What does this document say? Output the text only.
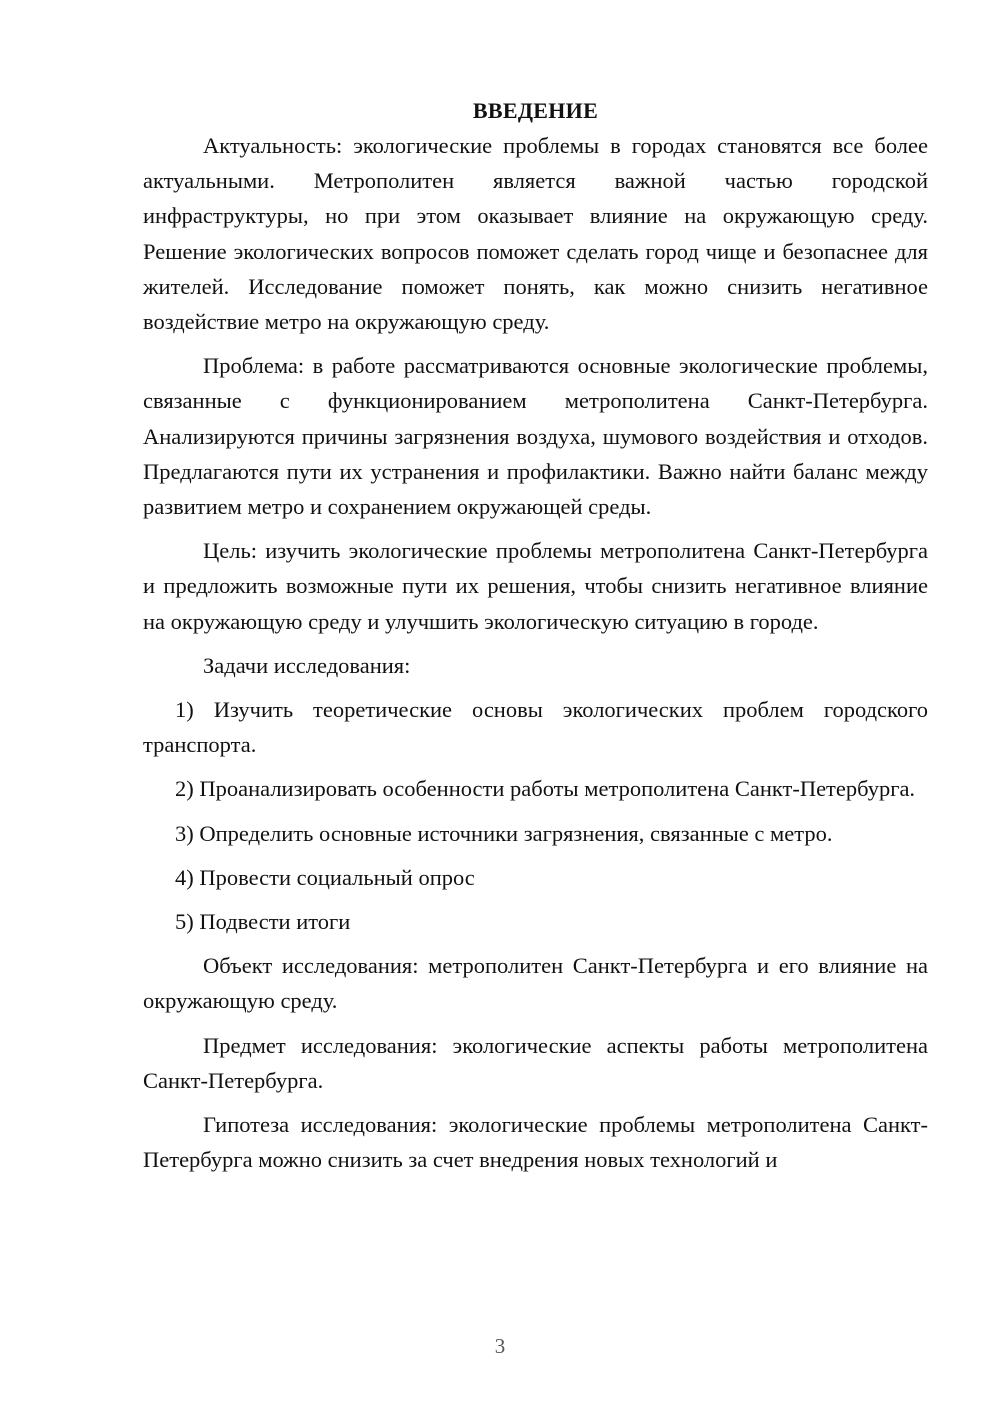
ВВЕДЕНИЕ

Актуальность: экологические проблемы в городах становятся все более актуальными. Метрополитен является важной частью городской инфраструктуры, но при этом оказывает влияние на окружающую среду. Решение экологических вопросов поможет сделать город чище и безопаснее для жителей. Исследование поможет понять, как можно снизить негативное воздействие метро на окружающую среду.

Проблема: в работе рассматриваются основные экологические проблемы, связанные с функционированием метрополитена Санкт-Петербурга. Анализируются причины загрязнения воздуха, шумового воздействия и отходов. Предлагаются пути их устранения и профилактики. Важно найти баланс между развитием метро и сохранением окружающей среды.

Цель: изучить экологические проблемы метрополитена Санкт-Петербурга и предложить возможные пути их решения, чтобы снизить негативное влияние на окружающую среду и улучшить экологическую ситуацию в городе.

Задачи исследования:

1) Изучить теоретические основы экологических проблем городского транспорта.

2) Проанализировать особенности работы метрополитена Санкт-Петербурга.

3) Определить основные источники загрязнения, связанные с метро.

4) Провести социальный опрос

5) Подвести итоги

Объект исследования: метрополитен Санкт-Петербурга и его влияние на окружающую среду.

Предмет исследования: экологические аспекты работы метрополитена Санкт-Петербурга.

Гипотеза исследования: экологические проблемы метрополитена Санкт-Петербурга можно снизить за счет внедрения новых технологий и

3
